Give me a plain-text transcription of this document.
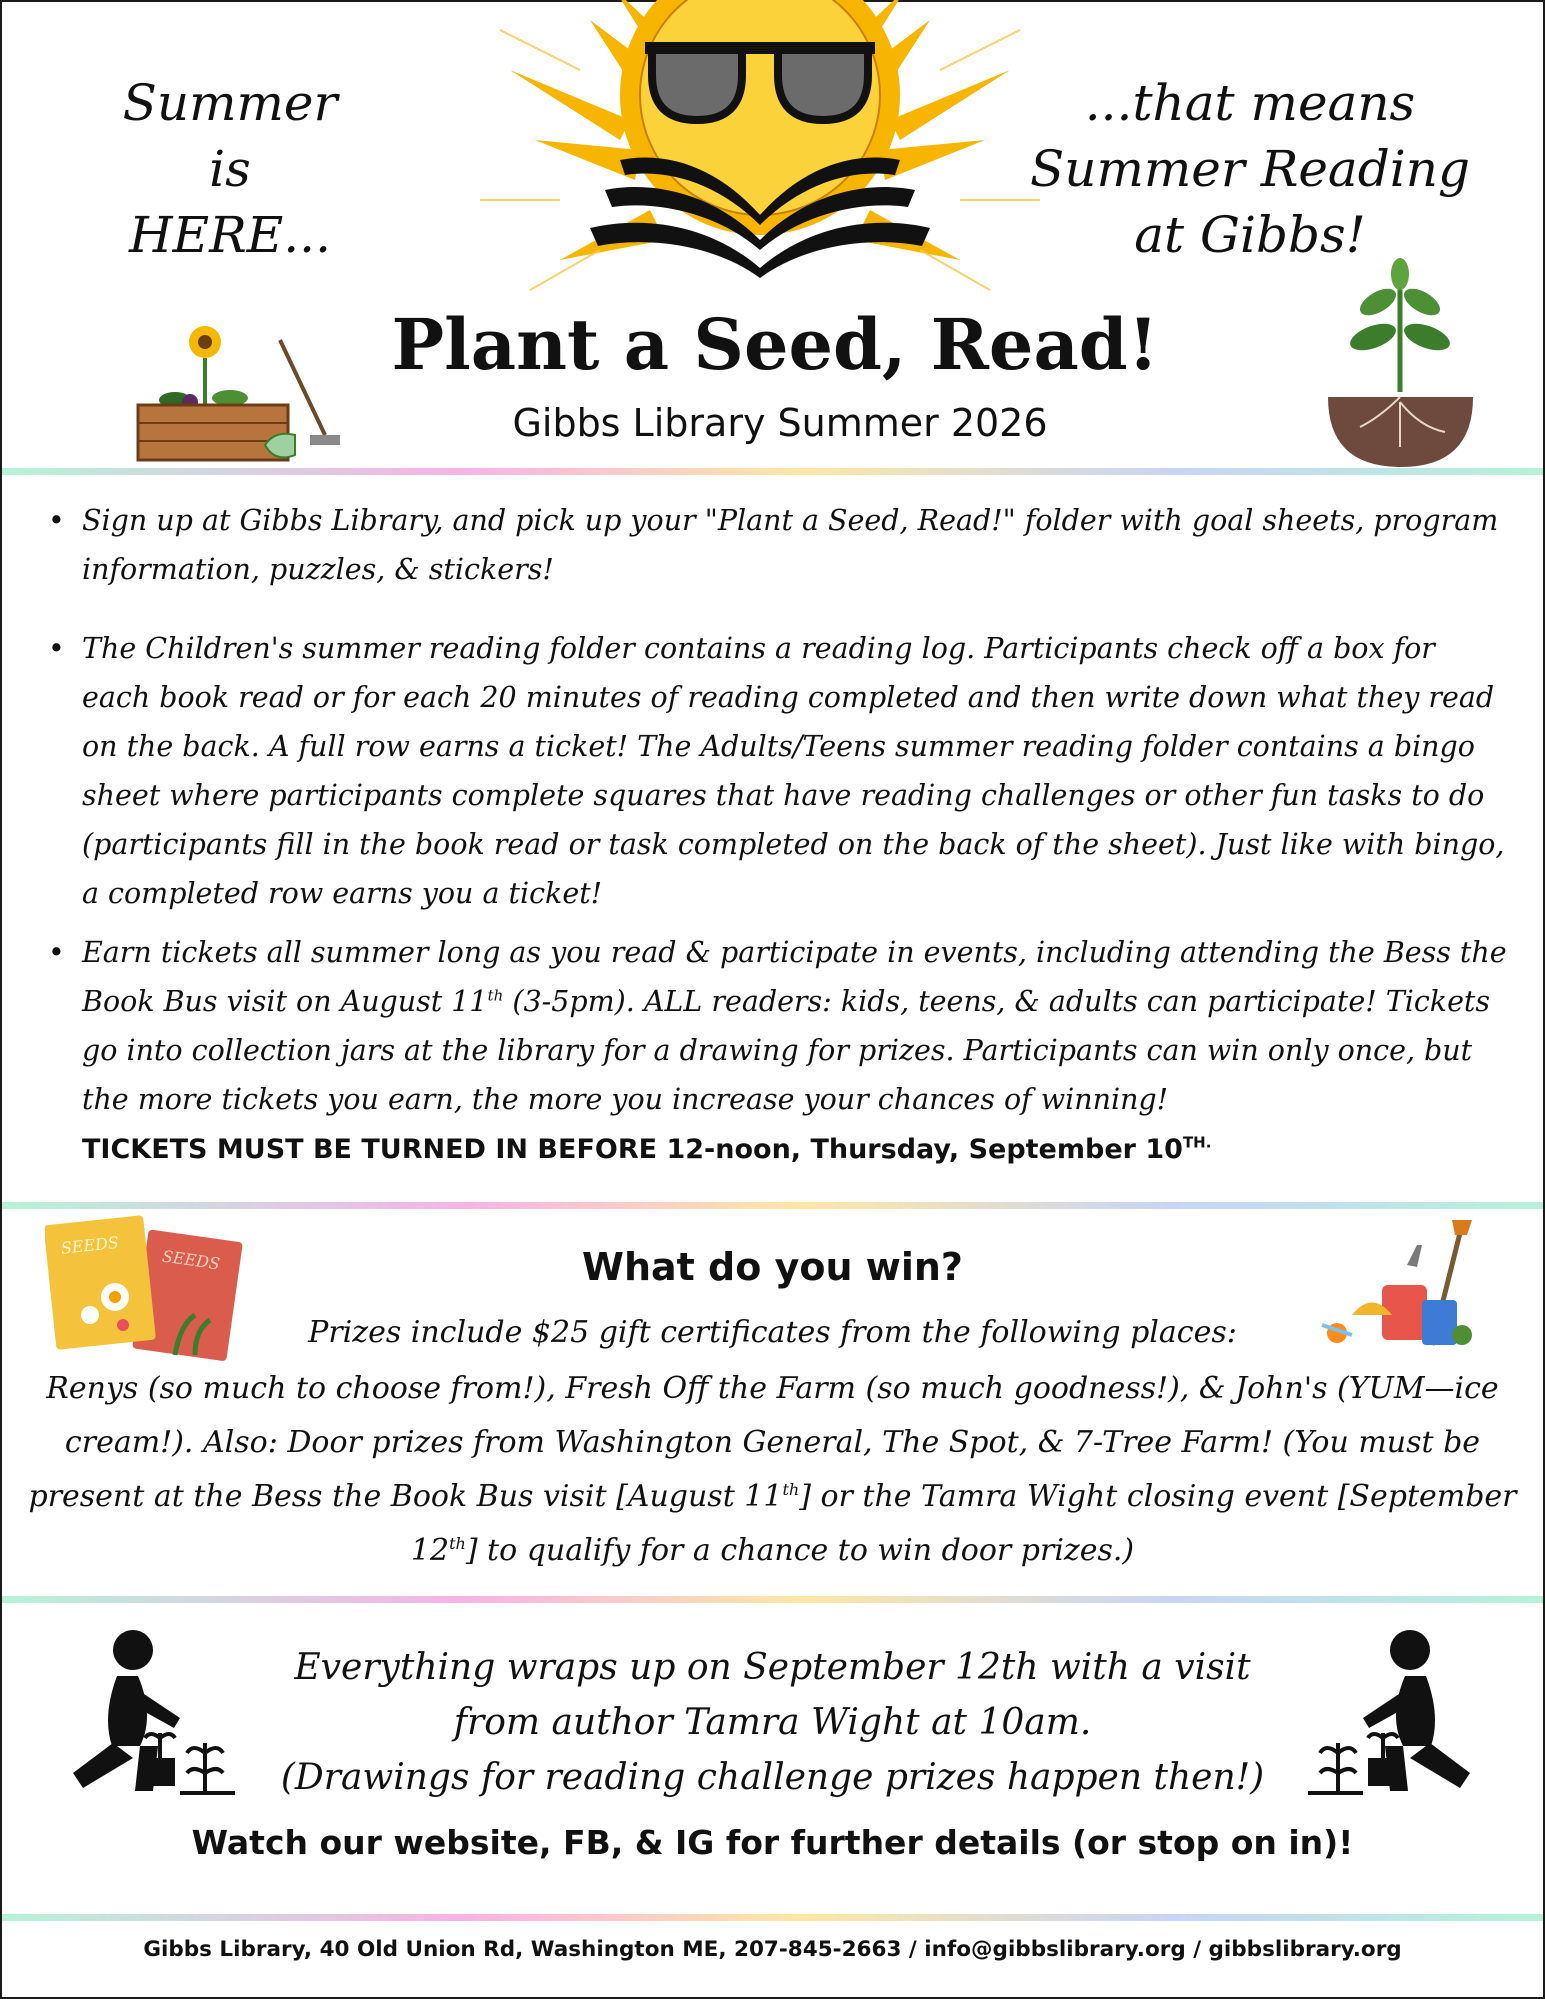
Summer
is
HERE...
...that means
Summer Reading
at Gibbs!
Plant a Seed, Read!
Gibbs Library Summer 2026
• Sign up at Gibbs Library, and pick up your "Plant a Seed, Read!" folder with goal sheets, program information, puzzles, & stickers!
• The Children's summer reading folder contains a reading log. Participants check off a box for each book read or for each 20 minutes of reading completed and then write down what they read on the back. A full row earns a ticket! The Adults/Teens summer reading folder contains a bingo sheet where participants complete squares that have reading challenges or other fun tasks to do (participants fill in the book read or task completed on the back of the sheet). Just like with bingo, a completed row earns you a ticket!
• Earn tickets all summer long as you read & participate in events, including attending the Bess the Book Bus visit on August 11th (3-5pm). ALL readers: kids, teens, & adults can participate! Tickets go into collection jars at the library for a drawing for prizes. Participants can win only once, but the more tickets you earn, the more you increase your chances of winning!
TICKETS MUST BE TURNED IN BEFORE 12-noon, Thursday, September $10^{TH.}$
SEEDS
SEEDS	What do you win?
Prizes include $25 gift certificates from the following places:
Renys (so much to choose from!), Fresh Off the Farm (so much goodness!), & John's (YUM—ice cream!). Also: Door prizes from Washington General, The Spot, & 7-Tree Farm! (You must be present at the Bess the Book Bus visit [August 11th] or the Tamra Wight closing event [September 12th] to qualify for a chance to win door prizes.)
Everything wraps up on September 12th with a visit
from author Tamra Wight at 10am.
(Drawings for reading challenge prizes happen then!)
Watch our website, FB, & IG for further details (or stop on in)!
Gibbs Library, 40 Old Union Rd, Washington ME, 207-845-2663 / info@gibbslibrary.org / gibbslibrary.org
